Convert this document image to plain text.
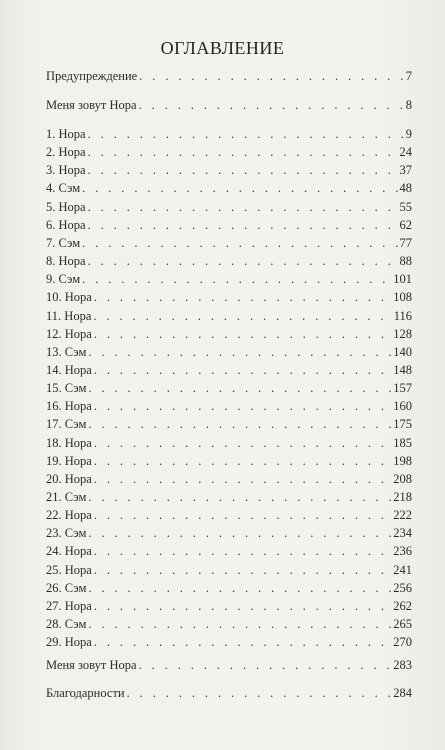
ОГЛАВЛЕНИЕ
Предупреждение . . .	7
Меня зовут Нора . . .	8
1. Нора . . .	9
2. Нора . . .	24
3. Нора . . .	37
4. Сэм . . .	48
5. Нора . . .	55
6. Нора . . .	62
7. Сэм . . .	77
8. Нора . . .	88
9. Сэм . . .	101
10. Нора . . .	108
11. Нора . . .	116
12. Нора . . .	128
13. Сэм . . .	140
14. Нора . . .	148
15. Сэм . . .	157
16. Нора . . .	160
17. Сэм . . .	175
18. Нора . . .	185
19. Нора . . .	198
20. Нора . . .	208
21. Сэм . . .	218
22. Нора . . .	222
23. Сэм . . .	234
24. Нора . . .	236
25. Нора . . .	241
26. Сэм . . .	256
27. Нора . . .	262
28. Сэм . . .	265
29. Нора . . .	270
Меня зовут Нора . . .	283
Благодарности . . .	284
